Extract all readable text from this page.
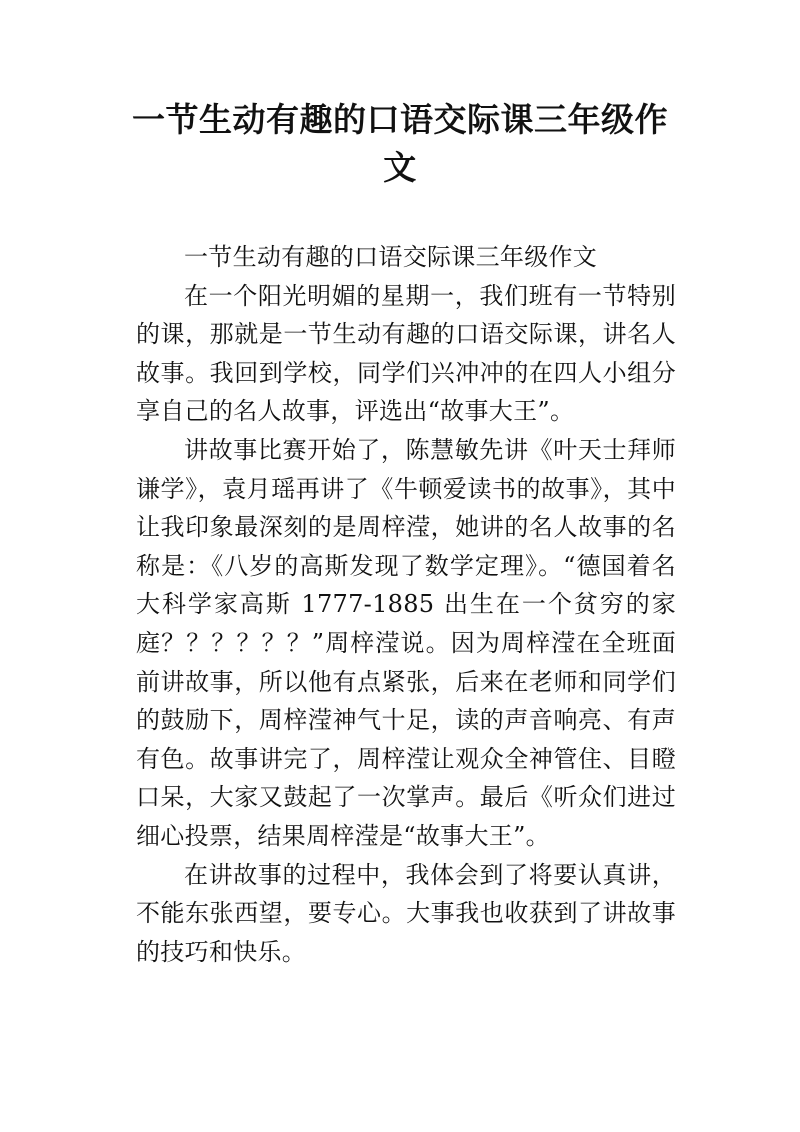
一节生动有趣的口语交际课三年级作文

一节生动有趣的口语交际课三年级作文

在一个阳光明媚的星期一，我们班有一节特别的课，那就是一节生动有趣的口语交际课，讲名人故事。我回到学校，同学们兴冲冲的在四人小组分享自己的名人故事，评选出“故事大王”。

讲故事比赛开始了，陈慧敏先讲《叶天士拜师谦学》，袁月瑶再讲了《牛顿爱读书的故事》，其中让我印象最深刻的是周梓滢，她讲的名人故事的名称是：《八岁的高斯发现了数学定理》。“德国着名大科学家高斯 1777-1885 出生在一个贫穷的家庭？？？？？？”周梓滢说。因为周梓滢在全班面前讲故事，所以他有点紧张，后来在老师和同学们的鼓励下，周梓滢神气十足，读的声音响亮、有声有色。故事讲完了，周梓滢让观众全神管住、目瞪口呆，大家又鼓起了一次掌声。最后《听众们进过细心投票，结果周梓滢是“故事大王”。

在讲故事的过程中，我体会到了将要认真讲，不能东张西望，要专心。大事我也收获到了讲故事的技巧和快乐。
